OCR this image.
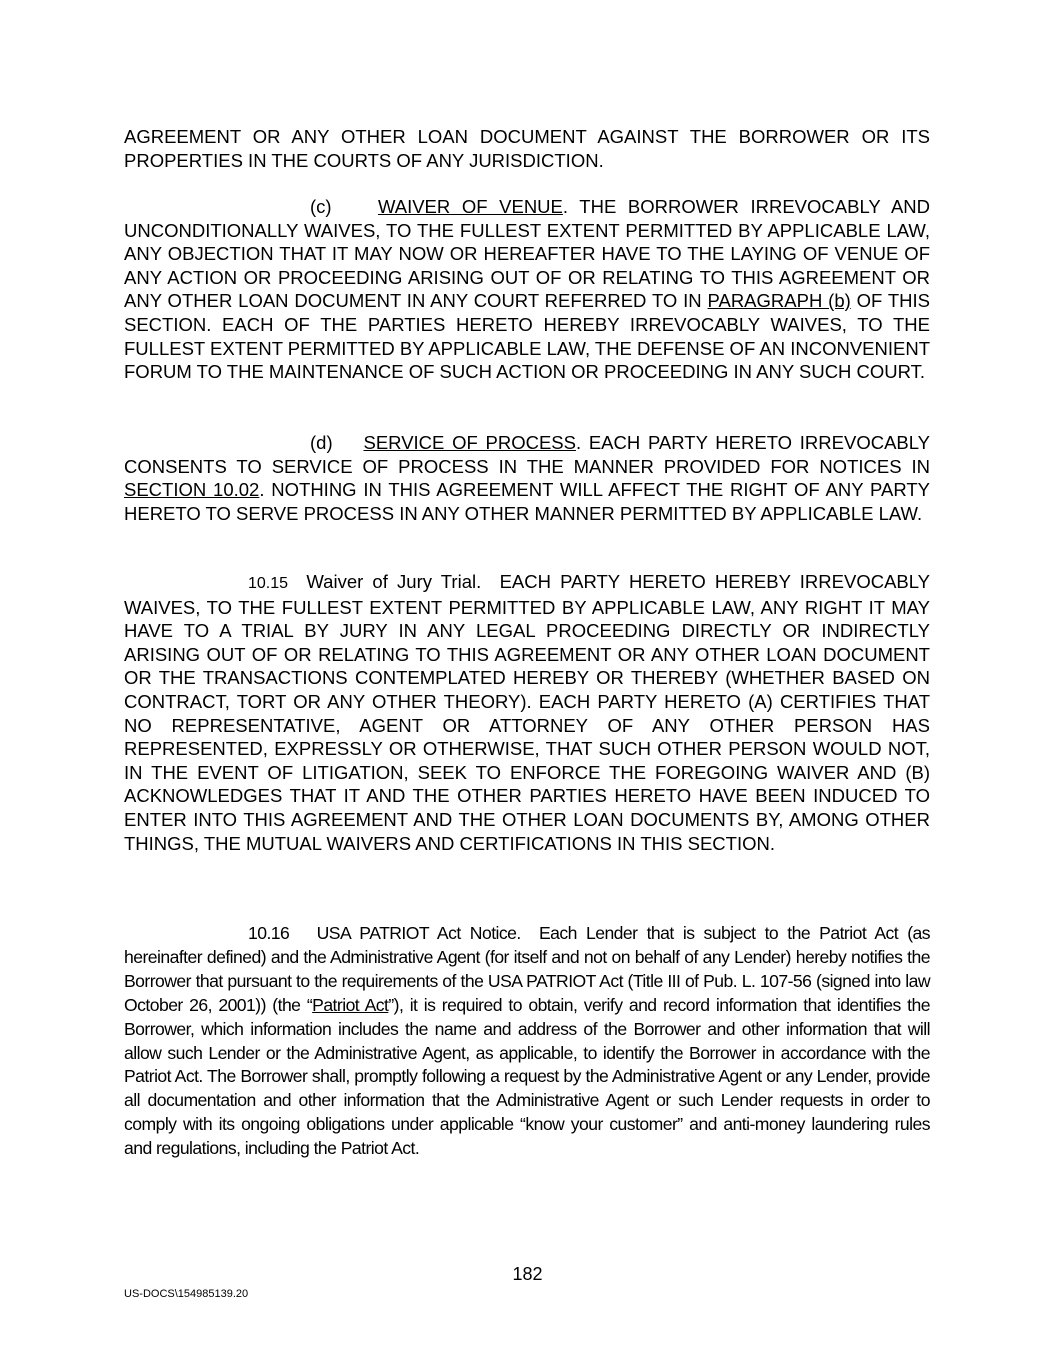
AGREEMENT OR ANY OTHER LOAN DOCUMENT AGAINST THE BORROWER OR ITS PROPERTIES IN THE COURTS OF ANY JURISDICTION.

(c)	WAIVER OF VENUE. THE BORROWER IRREVOCABLY AND UNCONDITIONALLY WAIVES, TO THE FULLEST EXTENT PERMITTED BY APPLICABLE LAW, ANY OBJECTION THAT IT MAY NOW OR HEREAFTER HAVE TO THE LAYING OF VENUE OF ANY ACTION OR PROCEEDING ARISING OUT OF OR RELATING TO THIS AGREEMENT OR ANY OTHER LOAN DOCUMENT IN ANY COURT REFERRED TO IN PARAGRAPH (b) OF THIS SECTION. EACH OF THE PARTIES HERETO HEREBY IRREVOCABLY WAIVES, TO THE FULLEST EXTENT PERMITTED BY APPLICABLE LAW, THE DEFENSE OF AN INCONVENIENT FORUM TO THE MAINTENANCE OF SUCH ACTION OR PROCEEDING IN ANY SUCH COURT.

(d) SERVICE OF PROCESS. EACH PARTY HERETO IRREVOCABLY CONSENTS TO SERVICE OF PROCESS IN THE MANNER PROVIDED FOR NOTICES IN SECTION 10.02. NOTHING IN THIS AGREEMENT WILL AFFECT THE RIGHT OF ANY PARTY HERETO TO SERVE PROCESS IN ANY OTHER MANNER PERMITTED BY APPLICABLE LAW.

10.15 Waiver of Jury Trial. EACH PARTY HERETO HEREBY IRREVOCABLY WAIVES, TO THE FULLEST EXTENT PERMITTED BY APPLICABLE LAW, ANY RIGHT IT MAY HAVE TO A TRIAL BY JURY IN ANY LEGAL PROCEEDING DIRECTLY OR INDIRECTLY ARISING OUT OF OR RELATING TO THIS AGREEMENT OR ANY OTHER LOAN DOCUMENT OR THE TRANSACTIONS CONTEMPLATED HEREBY OR THEREBY (WHETHER BASED ON CONTRACT, TORT OR ANY OTHER THEORY). EACH PARTY HERETO (A) CERTIFIES THAT NO REPRESENTATIVE, AGENT OR ATTORNEY OF ANY OTHER PERSON HAS REPRESENTED, EXPRESSLY OR OTHERWISE, THAT SUCH OTHER PERSON WOULD NOT, IN THE EVENT OF LITIGATION, SEEK TO ENFORCE THE FOREGOING WAIVER AND (B) ACKNOWLEDGES THAT IT AND THE OTHER PARTIES HERETO HAVE BEEN INDUCED TO ENTER INTO THIS AGREEMENT AND THE OTHER LOAN DOCUMENTS BY, AMONG OTHER THINGS, THE MUTUAL WAIVERS AND CERTIFICATIONS IN THIS SECTION.

10.16 USA PATRIOT Act Notice. Each Lender that is subject to the Patriot Act (as hereinafter defined) and the Administrative Agent (for itself and not on behalf of any Lender) hereby notifies the Borrower that pursuant to the requirements of the USA PATRIOT Act (Title III of Pub. L. 107-56 (signed into law October 26, 2001)) (the “Patriot Act”), it is required to obtain, verify and record information that identifies the Borrower, which information includes the name and address of the Borrower and other information that will allow such Lender or the Administrative Agent, as applicable, to identify the Borrower in accordance with the Patriot Act. The Borrower shall, promptly following a request by the Administrative Agent or any Lender, provide all documentation and other information that the Administrative Agent or such Lender requests in order to comply with its ongoing obligations under applicable “know your customer” and anti-money laundering rules and regulations, including the Patriot Act.

182
US-DOCS\154985139.20
